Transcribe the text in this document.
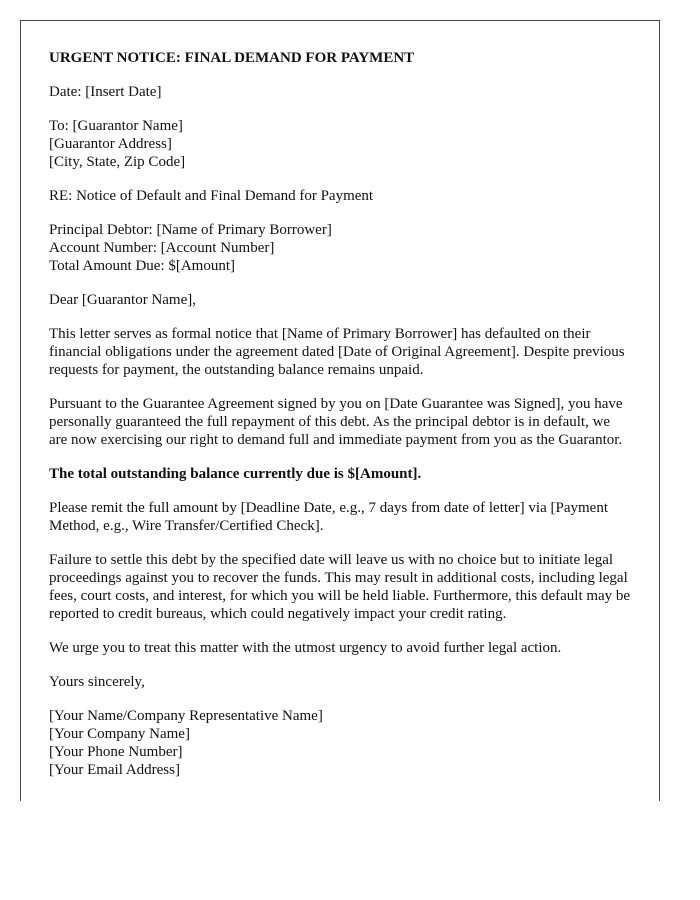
URGENT NOTICE: FINAL DEMAND FOR PAYMENT

Date: [Insert Date]

To: [Guarantor Name]
[Guarantor Address]
[City, State, Zip Code]

RE: Notice of Default and Final Demand for Payment

Principal Debtor: [Name of Primary Borrower]
Account Number: [Account Number]
Total Amount Due: $[Amount]

Dear [Guarantor Name],

This letter serves as formal notice that [Name of Primary Borrower] has defaulted on their financial obligations under the agreement dated [Date of Original Agreement]. Despite previous requests for payment, the outstanding balance remains unpaid.

Pursuant to the Guarantee Agreement signed by you on [Date Guarantee was Signed], you have personally guaranteed the full repayment of this debt. As the principal debtor is in default, we are now exercising our right to demand full and immediate payment from you as the Guarantor.

The total outstanding balance currently due is $[Amount].

Please remit the full amount by [Deadline Date, e.g., 7 days from date of letter] via [Payment Method, e.g., Wire Transfer/Certified Check].

Failure to settle this debt by the specified date will leave us with no choice but to initiate legal proceedings against you to recover the funds. This may result in additional costs, including legal fees, court costs, and interest, for which you will be held liable. Furthermore, this default may be reported to credit bureaus, which could negatively impact your credit rating.

We urge you to treat this matter with the utmost urgency to avoid further legal action.

Yours sincerely,

[Your Name/Company Representative Name]
[Your Company Name]
[Your Phone Number]
[Your Email Address]
